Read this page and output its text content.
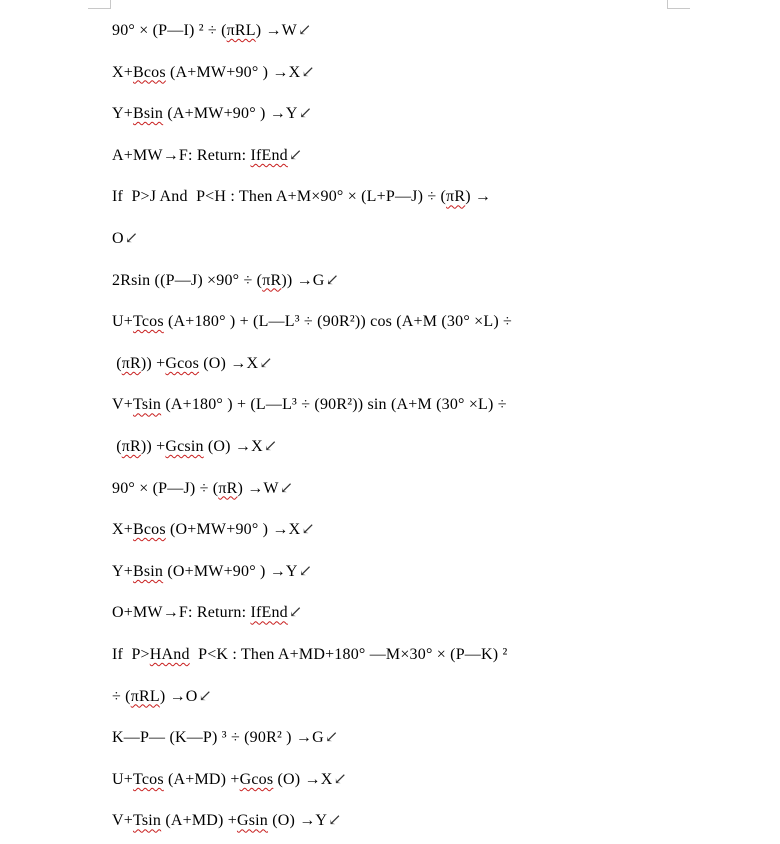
90° × (P—I) ² ÷ (πRL) →W↙
X+Bcos (A+MW+90° ) →X↙
Y+Bsin (A+MW+90° ) →Y↙
A+MW→F: Return: IfEnd↙
If  P>J And  P<H : Then A+M×90° × (L+P—J) ÷ (πR) →
O↙
2Rsin ((P—J) ×90° ÷ (πR)) →G↙
U+Tcos (A+180° ) + (L—L³ ÷ (90R²)) cos (A+M (30° ×L) ÷
(πR)) +Gcos (O) →X↙
V+Tsin (A+180° ) + (L—L³ ÷ (90R²)) sin (A+M (30° ×L) ÷
(πR)) +Gcsin (O) →X↙
90° × (P—J) ÷ (πR) →W↙
X+Bcos (O+MW+90° ) →X↙
Y+Bsin (O+MW+90° ) →Y↙
O+MW→F: Return: IfEnd↙
If  P>HAnd  P<K : Then A+MD+180° —M×30° × (P—K) ²
÷ (πRL) →O↙
K—P— (K—P) ³ ÷ (90R² ) →G↙
U+Tcos (A+MD) +Gcos (O) →X↙
V+Tsin (A+MD) +Gsin (O) →Y↙
